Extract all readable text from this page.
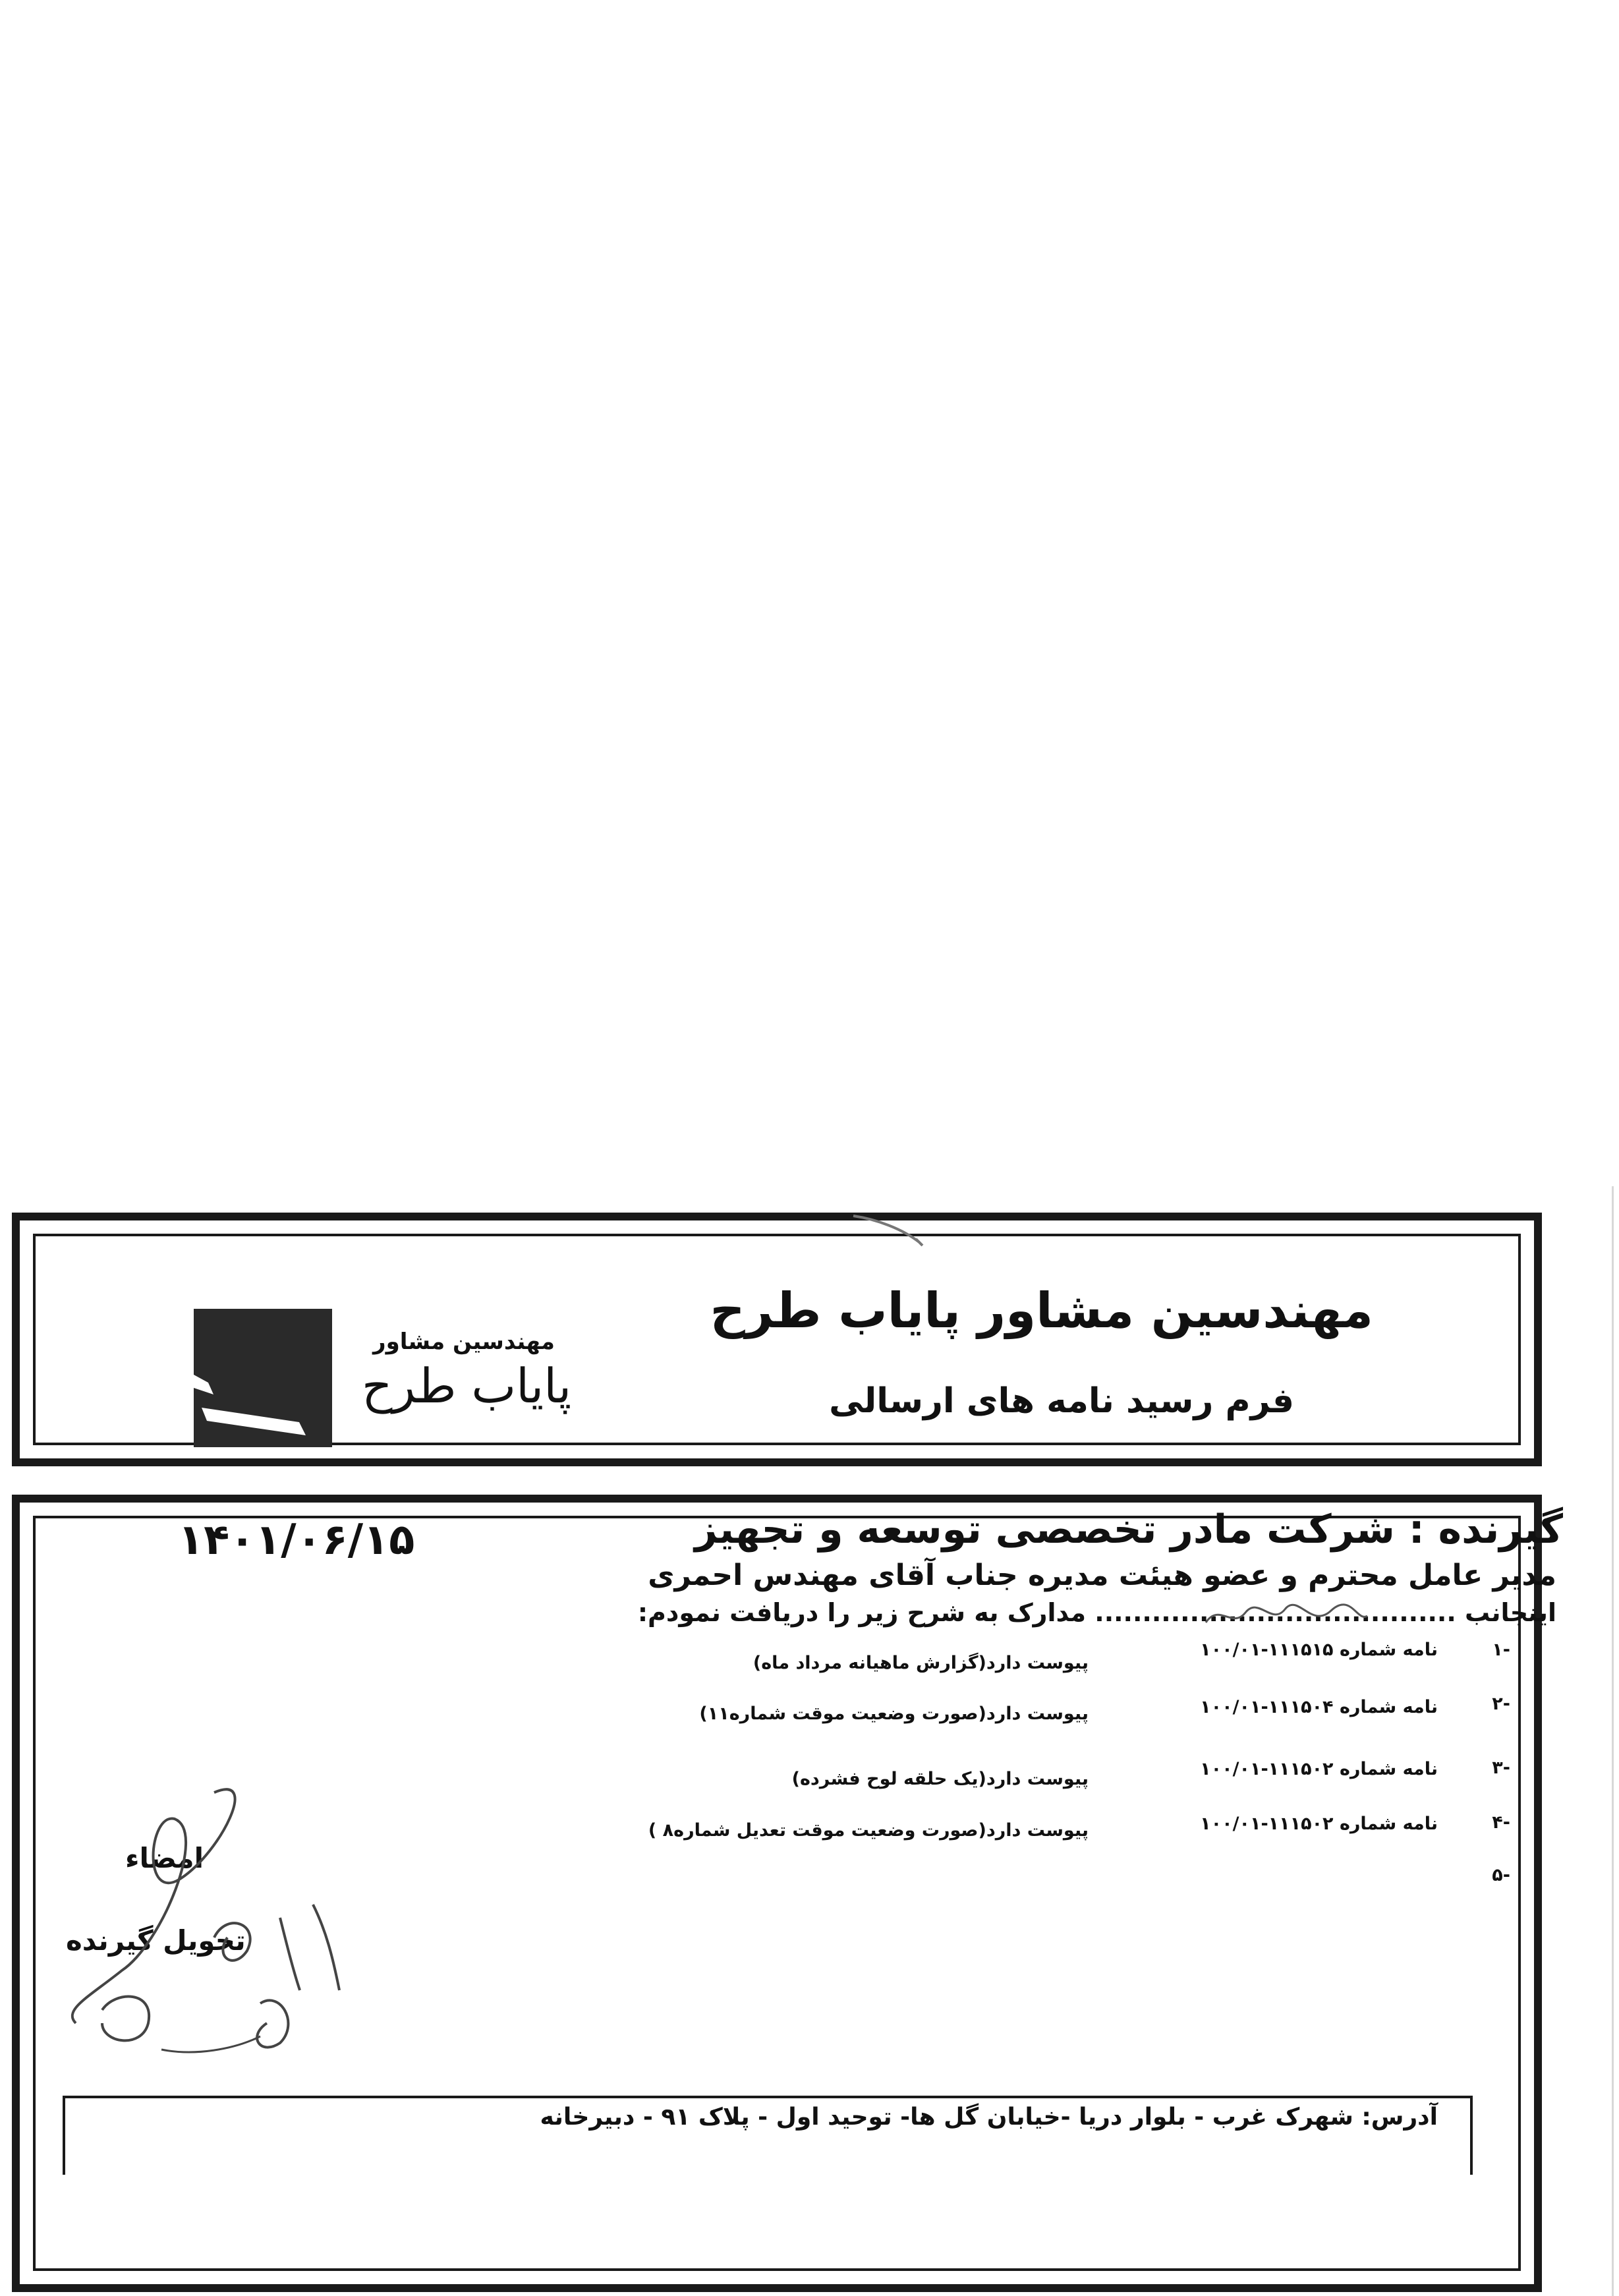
مهندسین مشاور پایاب طرح
فرم رسید نامه های ارسالی
مهندسین مشاور
پایاب طرح
گیرنده : شرکت مادر تخصصی توسعه و تجهیز
۱۴۰۱/۰۶/۱۵
مدیر عامل محترم و عضو هیئت مدیره جناب آقای مهندس احمری
اینجانب ...................................... مدارک به شرح زیر را دریافت نمودم:
-۱
نامه شماره ۱۱۱۵۱۵-۱۰۰/۰۱
پیوست دارد(گزارش ماهیانه مرداد ماه)
-۲
نامه شماره ۱۱۱۵۰۴-۱۰۰/۰۱
پیوست دارد(صورت وضعیت موقت شماره۱۱)
-۳
نامه شماره ۱۱۱۵۰۲-۱۰۰/۰۱
پیوست دارد(یک حلقه لوح فشرده)
-۴
نامه شماره ۱۱۱۵۰۲-۱۰۰/۰۱
پیوست دارد(صورت وضعیت موقت تعدیل شماره۸ )
-۵
امضاء
تحویل گیرنده
آدرس: شهرک غرب - بلوار دریا -خیابان گل ها- توحید اول - پلاک ۹۱ - دبیرخانه
